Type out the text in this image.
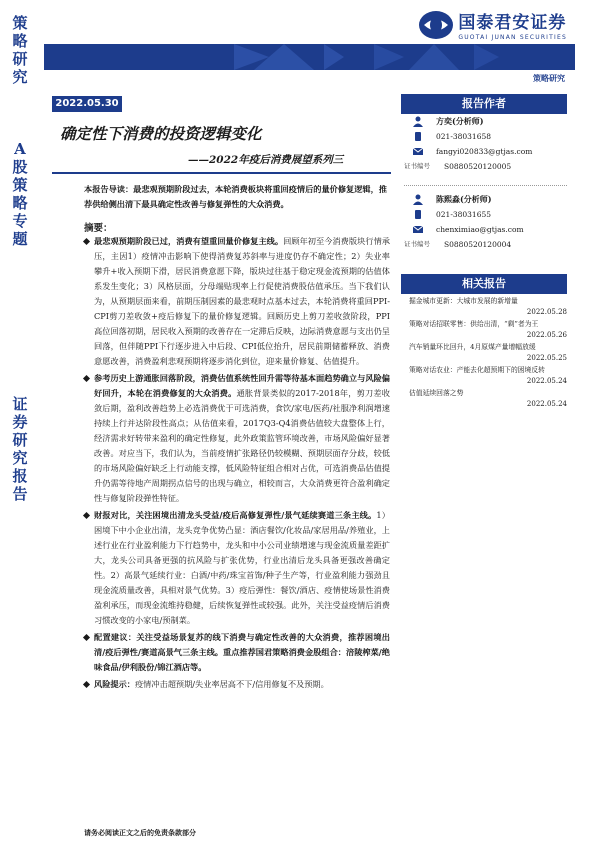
策略研究
A股策略专题
证券研究报告
国泰君安证券
GUOTAI JUNAN SECURITIES
策略研究
2022.05.30
确定性下消费的投资逻辑变化
——2022年疫后消费展望系列三
本报告导读：最悲观预期阶段过去，本轮消费板块将重回疫情后的量价修复逻辑，推荐供给侧出清下最具确定性改善与修复弹性的大众消费。
摘要：
最悲观预期阶段已过，消费有望重回量价修复主线。回顾年初至今消费版块行情承压，主因1）疫情冲击影响下使得消费复苏斜率与进度仍存不确定性；2）失业率攀升+收入预期下滑，居民消费意愿下降，版块过往基于稳定现金流预期的估值体系发生变化；3）风格层面，分母端贴现率上行促使消费股估值承压。当下我们认为，从预期层面来看，前期压制因素的最悲观时点基本过去，本轮消费将重回PPI-CPI剪刀差收敛+疫后修复下的量价修复逻辑。回顾历史上剪刀差收敛阶段，PPI高位回落初期，居民收入预期的改善存在一定滞后反映，边际消费意愿与支出仍呈回落，但伴随PPI下行逐步进入中后段、CPI低位抬升，居民前期储蓄释放、消费意愿改善，消费盈利悲观预期将逐步消化到位，迎来量价修复、估值提升。
参考历史上游通胀回落阶段，消费估值系统性回升需等待基本面趋势确立与风险偏好回升，本轮在消费修复的大众消费。通胀背景类似的2017-2018年，剪刀差收敛后期，盈利改善趋势上必选消费优于可选消费，食饮/家电/医药/社服净利润增速持续上行并达阶段性高点；从估值来看，2017Q3-Q4消费估值较大盘整体上行，经济需求好转带来盈利的确定性修复，此外政策监管环境改善，市场风险偏好显著改善。对应当下，我们认为，当前疫情扩张路径仍较模糊、预期层面存分歧，较低的市场风险偏好缺乏上行动能支撑，低风险特征组合相对占优，可选消费品估值提升仍需等待地产周期拐点信号的出现与确立，相较而言，大众消费更符合盈利确定性与修复阶段弹性特征。
财报对比，关注困境出清龙头受益/疫后高修复弹性/景气延续赛道三条主线。1）困境下中小企业出清，龙头竞争优势凸显：酒店餐饮/化妆品/家居用品/养殖业，上述行业在行业盈利能力下行趋势中，龙头和中小公司业绩增速与现金流质量差距扩大，龙头公司具备更强的抗风险与扩张优势，行业出清后龙头具备更强改善确定性。2）高景气延续行业：白酒/中药/珠宝首饰/种子生产等，行业盈利能力强劲且现金流质量改善，具相对景气优势。3）疫后弹性：餐饮/酒店、疫情使场景性消费盈利承压，而现金流维持稳健，后续恢复弹性或较强。此外，关注受益疫情后消费习惯改变的小家电/预制菜。
配置建议：关注受益场景复苏的线下消费与确定性改善的大众消费，推荐困境出清/疫后弹性/赛道高景气三条主线。重点推荐国君策略消费金股组合：涪陵榨菜/绝味食品/伊利股份/锦江酒店等。
风险提示：疫情冲击超预期/失业率居高不下/信用修复不及预期。
请务必阅读正文之后的免责条款部分
报告作者
方奕(分析师)
021-38031658
fangyi020833@gtjas.com
证书编号	S0880520120005
陈熙淼(分析师)
021-38031655
chenximiao@gtjas.com
证书编号	S0880520120004
相关报告
掘金城市更新：大城市发展的新增量
2022.05.28
策略对话招联零售：供给出清，“剩”者为王
2022.05.26
汽车销量环比回升，4月原煤产量增幅放缓
2022.05.25
策略对话农业：产能去化超预期下的困境反转
2022.05.24
估值延续回落之势
2022.05.24
